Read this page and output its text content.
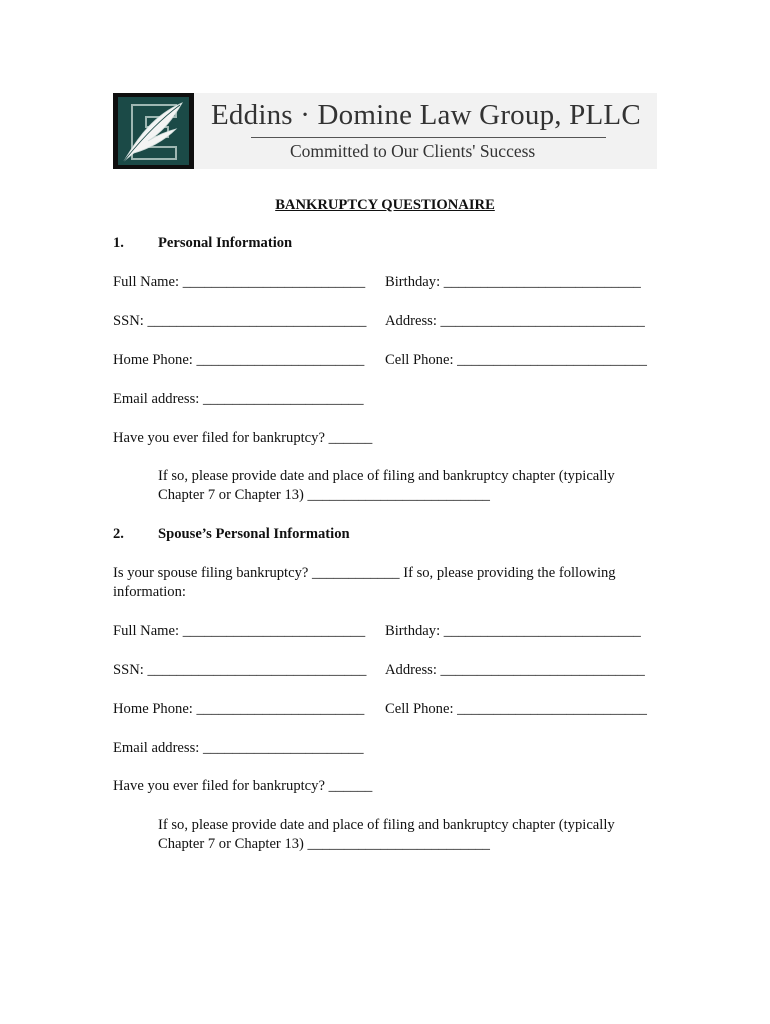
Eddins · Domine Law Group, PLLC
Committed to Our Clients' Success
BANKRUPTCY QUESTIONAIRE
1. Personal Information
Full Name: _________________________ Birthday: ___________________________
SSN: ______________________________ Address: ____________________________
Home Phone: _______________________ Cell Phone: __________________________
Email address: ______________________
Have you ever filed for bankruptcy? ______
If so, please provide date and place of filing and bankruptcy chapter (typically
Chapter 7 or Chapter 13) _________________________
2. Spouse’s Personal Information
Is your spouse filing bankruptcy? ____________ If so, please providing the following
information:
Full Name: _________________________ Birthday: ___________________________
SSN: ______________________________ Address: ____________________________
Home Phone: _______________________ Cell Phone: __________________________
Email address: ______________________
Have you ever filed for bankruptcy? ______
If so, please provide date and place of filing and bankruptcy chapter (typically
Chapter 7 or Chapter 13) _________________________
